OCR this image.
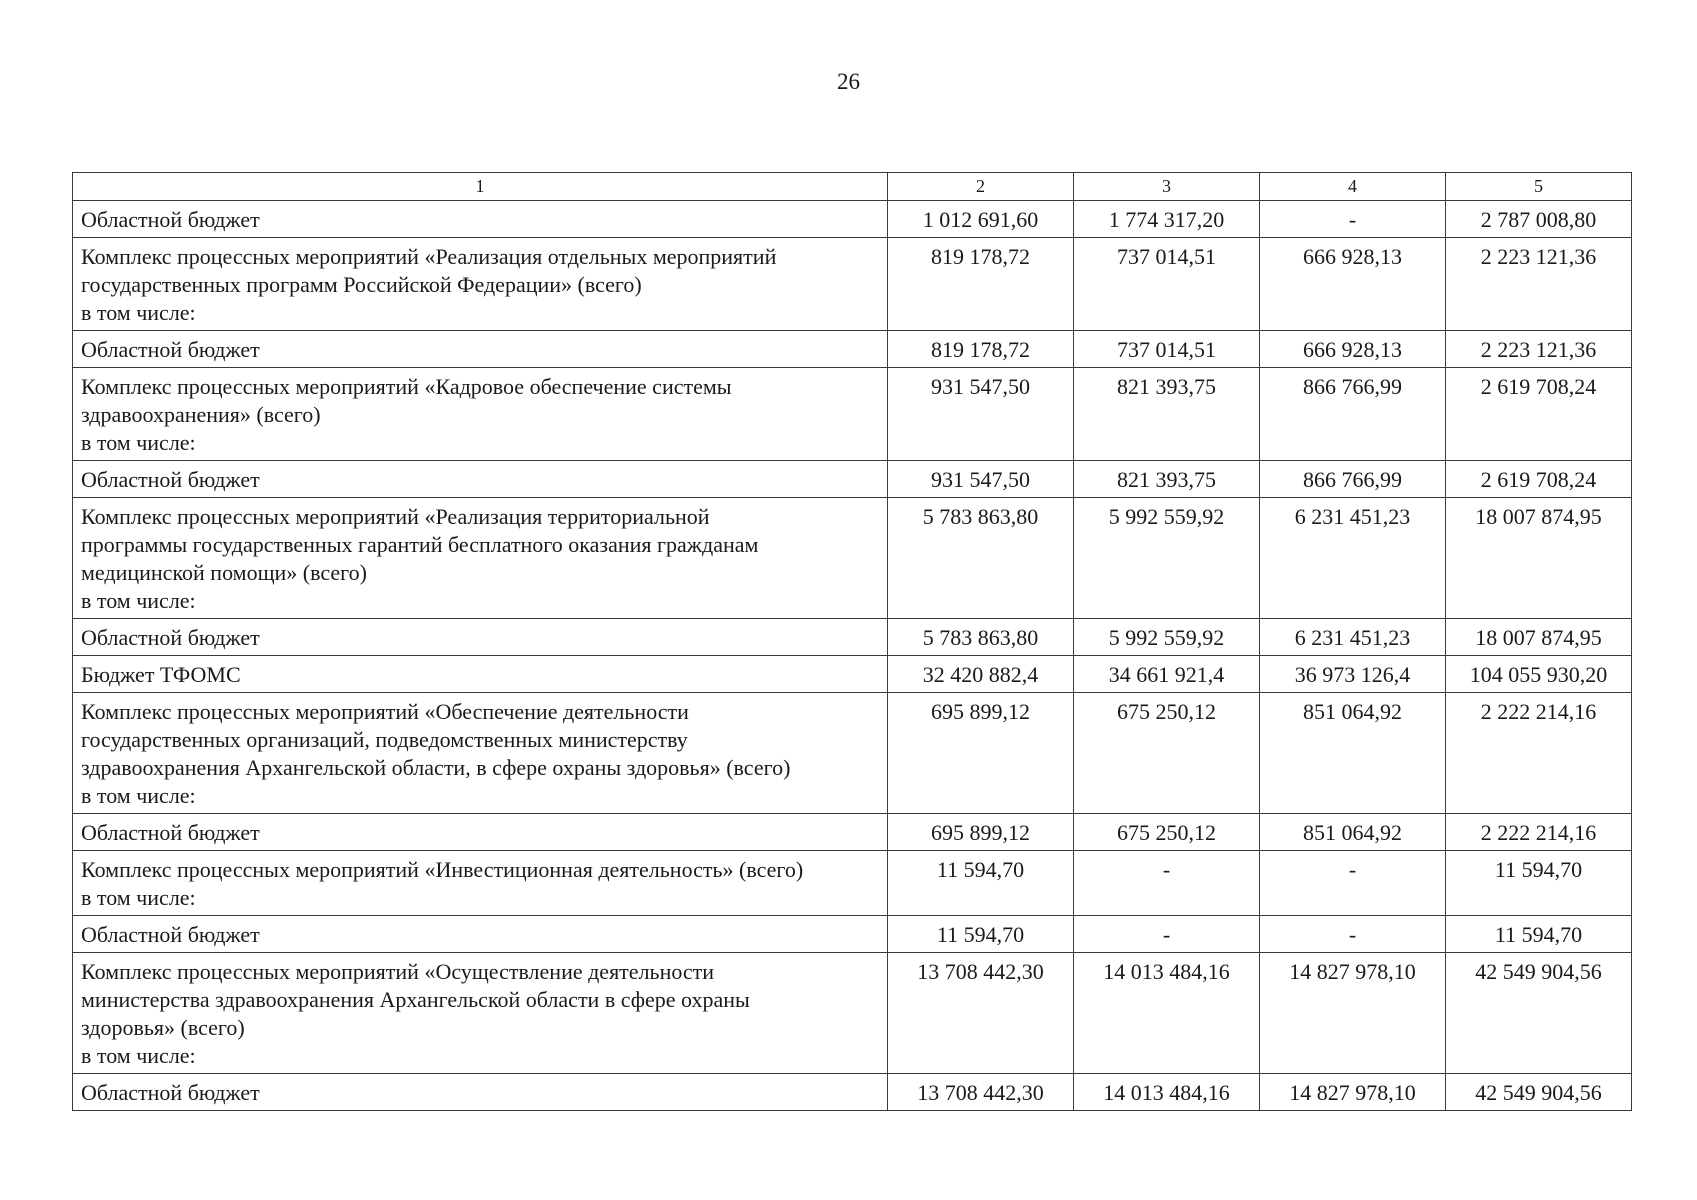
26
1	2	3	4	5

Областной бюджет	1 012 691,60	1 774 317,20	-	2 787 008,80

Комплекс процессных мероприятий «Реализация отдельных мероприятий
государственных программ Российской Федерации» (всего)
в том числе:	819 178,72	737 014,51	666 928,13	2 223 121,36

Областной бюджет	819 178,72	737 014,51	666 928,13	2 223 121,36

Комплекс процессных мероприятий «Кадровое обеспечение системы
здравоохранения» (всего)
в том числе:	931 547,50	821 393,75	866 766,99	2 619 708,24

Областной бюджет	931 547,50	821 393,75	866 766,99	2 619 708,24

Комплекс процессных мероприятий «Реализация территориальной
программы государственных гарантий бесплатного оказания гражданам
медицинской помощи» (всего)
в том числе:	5 783 863,80	5 992 559,92	6 231 451,23	18 007 874,95

Областной бюджет	5 783 863,80	5 992 559,92	6 231 451,23	18 007 874,95

Бюджет ТФОМС	32 420 882,4	34 661 921,4	36 973 126,4	104 055 930,20

Комплекс процессных мероприятий «Обеспечение деятельности
государственных организаций, подведомственных министерству
здравоохранения Архангельской области, в сфере охраны здоровья» (всего)
в том числе:	695 899,12	675 250,12	851 064,92	2 222 214,16

Областной бюджет	695 899,12	675 250,12	851 064,92	2 222 214,16

Комплекс процессных мероприятий «Инвестиционная деятельность» (всего)
в том числе:	11 594,70	-	-	11 594,70

Областной бюджет	11 594,70	-	-	11 594,70

Комплекс процессных мероприятий «Осуществление деятельности
министерства здравоохранения Архангельской области в сфере охраны
здоровья» (всего)
в том числе:	13 708 442,30	14 013 484,16	14 827 978,10	42 549 904,56

Областной бюджет	13 708 442,30	14 013 484,16	14 827 978,10	42 549 904,56
